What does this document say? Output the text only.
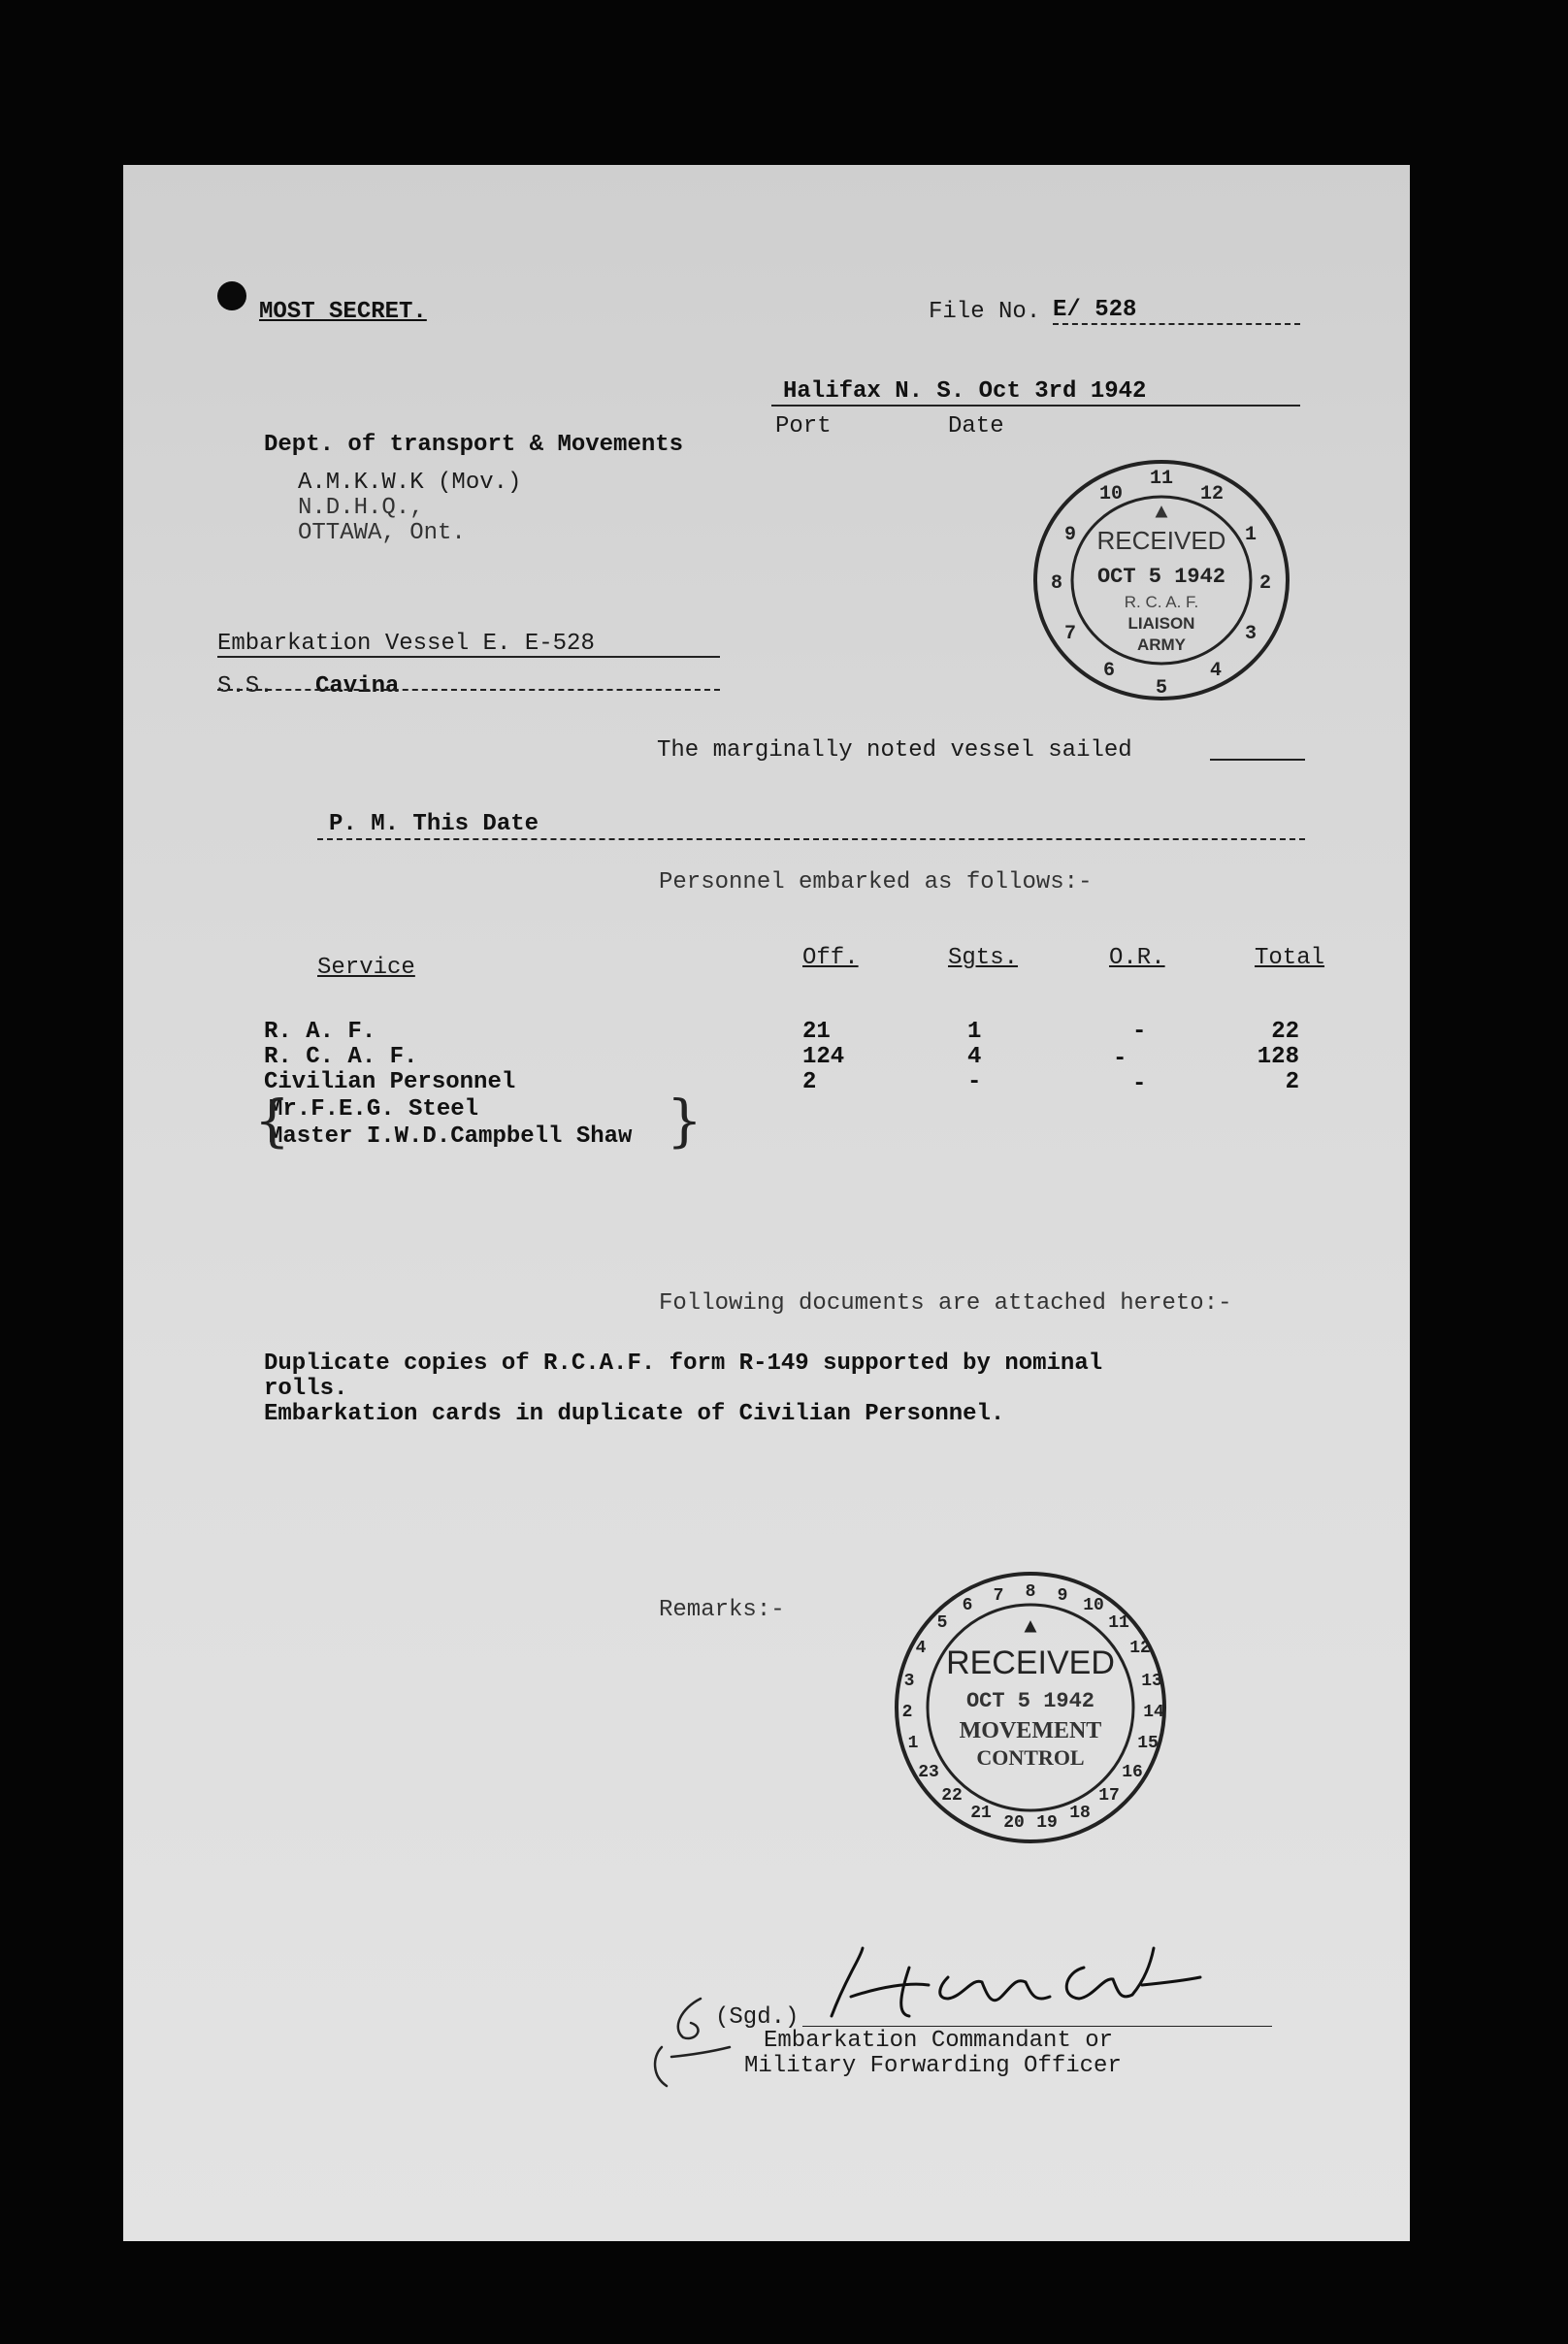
MOST SECRET.	File No. E/ 528
Halifax N. S. Oct 3rd 1942
Port	Date
Dept. of transport & Movements
A.M.K.W.K (Mov.)
N.D.H.Q.,
OTTAWA, Ont.
11
12
1
2
3
4
5
6
7
8
9
10
▲
RECEIVED
OCT 5 1942
R. C. A. F.
LIAISON
ARMY
Embarkation Vessel E. E-528
S.S. Cavina
The marginally noted vessel sailed
P. M. This Date
Personnel embarked as follows:-
Service	Off.	Sgts.	O.R.	Total
R. A. F.	21	1	-	22
R. C. A. F.	124	4	-	128
Civilian Personnel	2	-	-	2
Mr.F.E.G. Steel
Master I.W.D.Campbell Shaw
{	}
Following documents are attached hereto:-
Duplicate copies of R.C.A.F. form R-149 supported by nominal
rolls.
Embarkation cards in duplicate of Civilian Personnel.
Remarks:-
8 9 10
11
12
13
14
15
16
17
18
19
20
21
22
23
1
2
3
4
5
6 7
▲
RECEIVED
OCT 5 1942
MOVEMENT
CONTROL
(Sgd.)
Embarkation Commandant or
Military Forwarding Officer
